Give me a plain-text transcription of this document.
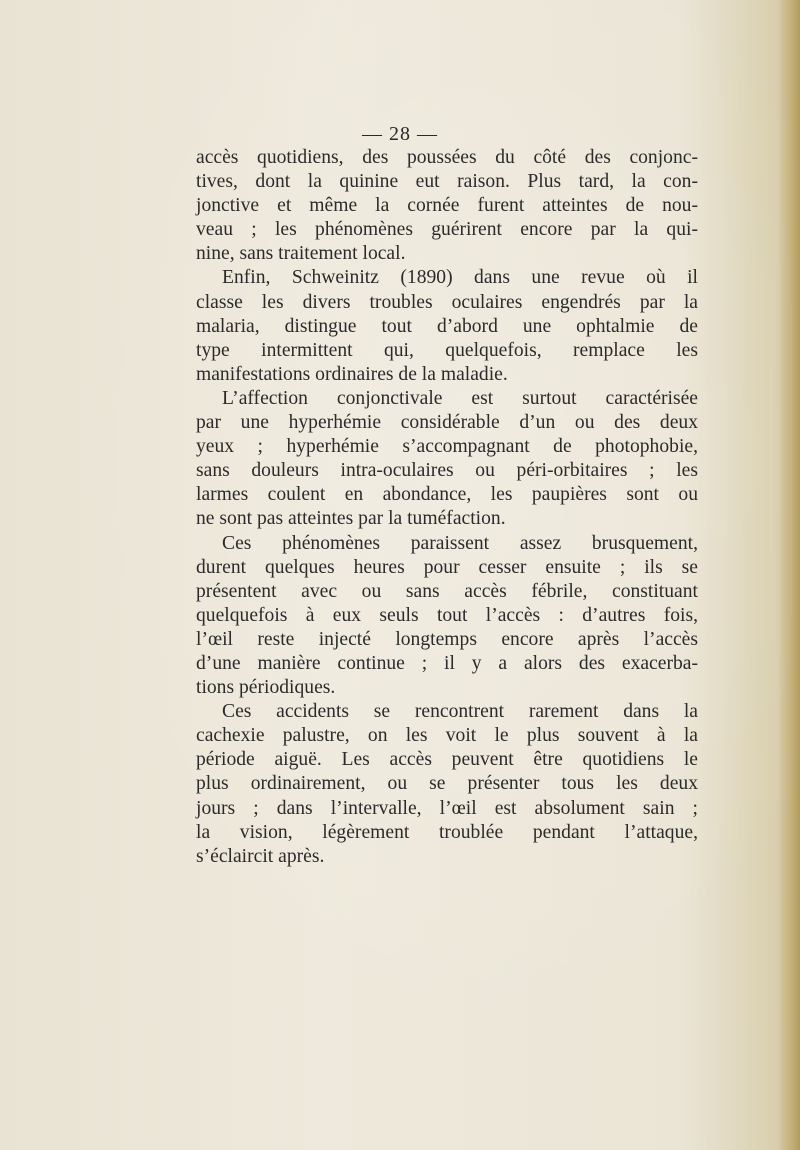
— 28 —
accès quotidiens, des poussées du côté des conjonc-
tives, dont la quinine eut raison. Plus tard, la con-
jonctive et même la cornée furent atteintes de nou-
veau ; les phénomènes guérirent encore par la qui-
nine, sans traitement local.
Enfin, Schweinitz (1890) dans une revue où il
classe les divers troubles oculaires engendrés par la
malaria, distingue tout d’abord une ophtalmie de
type intermittent qui, quelquefois, remplace les
manifestations ordinaires de la maladie.
L’affection conjonctivale est surtout caractérisée
par une hyperhémie considérable d’un ou des deux
yeux ; hyperhémie s’accompagnant de photophobie,
sans douleurs intra-oculaires ou péri-orbitaires ; les
larmes coulent en abondance, les paupières sont ou
ne sont pas atteintes par la tuméfaction.
Ces phénomènes paraissent assez brusquement,
durent quelques heures pour cesser ensuite ; ils se
présentent avec ou sans accès fébrile, constituant
quelquefois à eux seuls tout l’accès : d’autres fois,
l’œil reste injecté longtemps encore après l’accès
d’une manière continue ; il y a alors des exacerba-
tions périodiques.
Ces accidents se rencontrent rarement dans la
cachexie palustre, on les voit le plus souvent à la
période aiguë. Les accès peuvent être quotidiens le
plus ordinairement, ou se présenter tous les deux
jours ; dans l’intervalle, l’œil est absolument sain ;
la vision, légèrement troublée pendant l’attaque,
s’éclaircit après.
